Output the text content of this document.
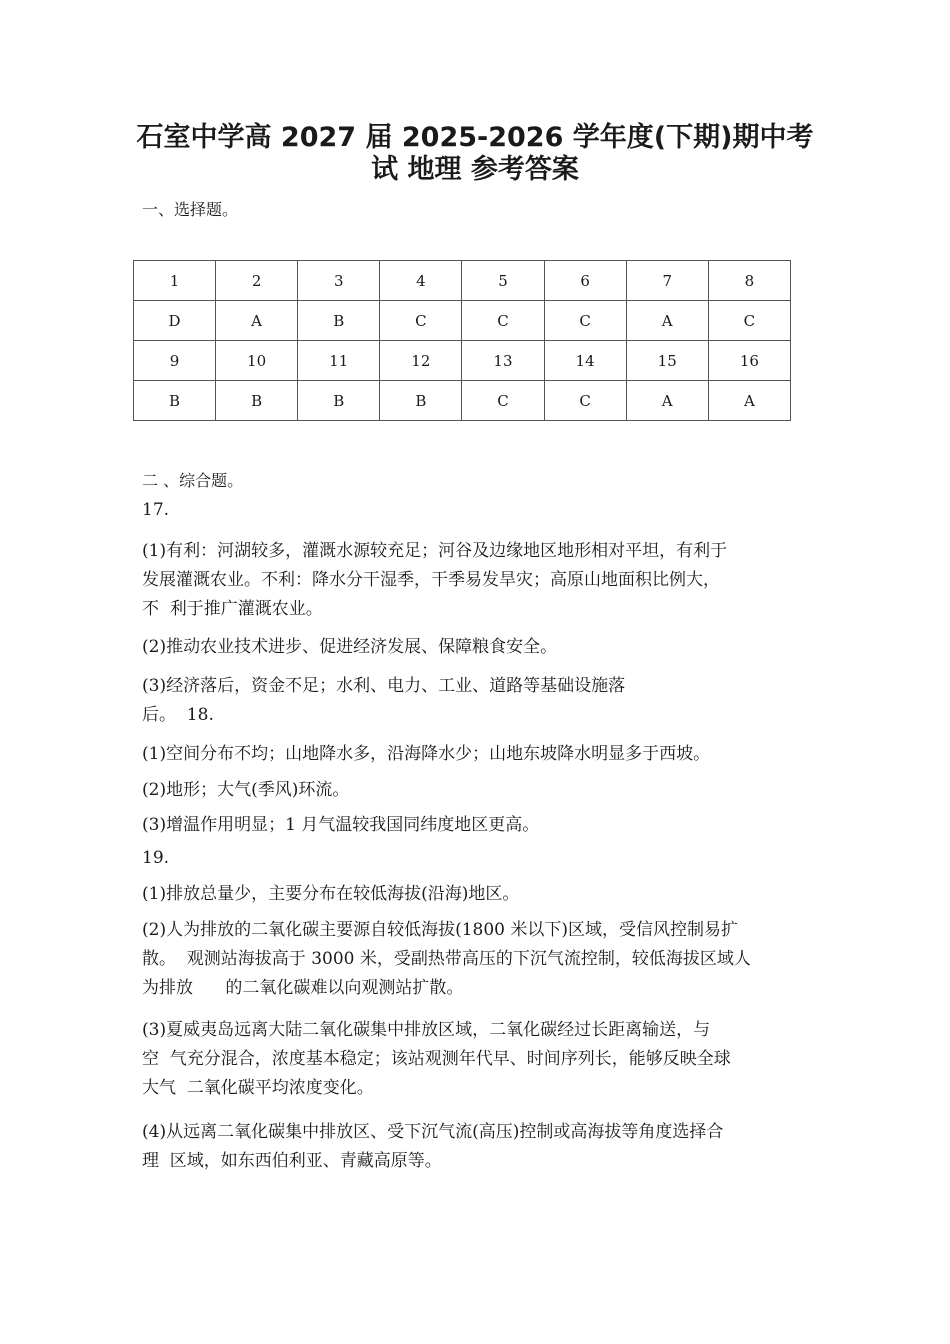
石室中学高 2027 届 2025-2026 学年度(下期)期中考
试 地理 参考答案
一、选择题。
1	2	3	4	5	6	7	8
D	A	B	C	C	C	A	C
9	10	11	12	13	14	15	16
B	B	B	B	C	C	A	A
二 、综合题。
17.
(1)有利：河湖较多，灌溉水源较充足；河谷及边缘地区地形相对平坦，有利于
发展灌溉农业。不利：降水分干湿季，干季易发旱灾；高原山地面积比例大，
不  利于推广灌溉农业。
(2)推动农业技术进步、促进经济发展、保障粮食安全。
(3)经济落后，资金不足；水利、电力、工业、道路等基础设施落
后。  18.
(1)空间分布不均；山地降水多，沿海降水少；山地东坡降水明显多于西坡。
(2)地形；大气(季风)环流。
(3)增温作用明显；1 月气温较我国同纬度地区更高。
19.
(1)排放总量少，主要分布在较低海拔(沿海)地区。
(2)人为排放的二氧化碳主要源自较低海拔(1800 米以下)区域，受信风控制易扩
散。  观测站海拔高于 3000 米，受副热带高压的下沉气流控制，较低海拔区域人
为排放      的二氧化碳难以向观测站扩散。
(3)夏威夷岛远离大陆二氧化碳集中排放区域，二氧化碳经过长距离输送，与
空  气充分混合，浓度基本稳定；该站观测年代早、时间序列长，能够反映全球
大气  二氧化碳平均浓度变化。
(4)从远离二氧化碳集中排放区、受下沉气流(高压)控制或高海拔等角度选择合
理  区域，如东西伯利亚、青藏高原等。
